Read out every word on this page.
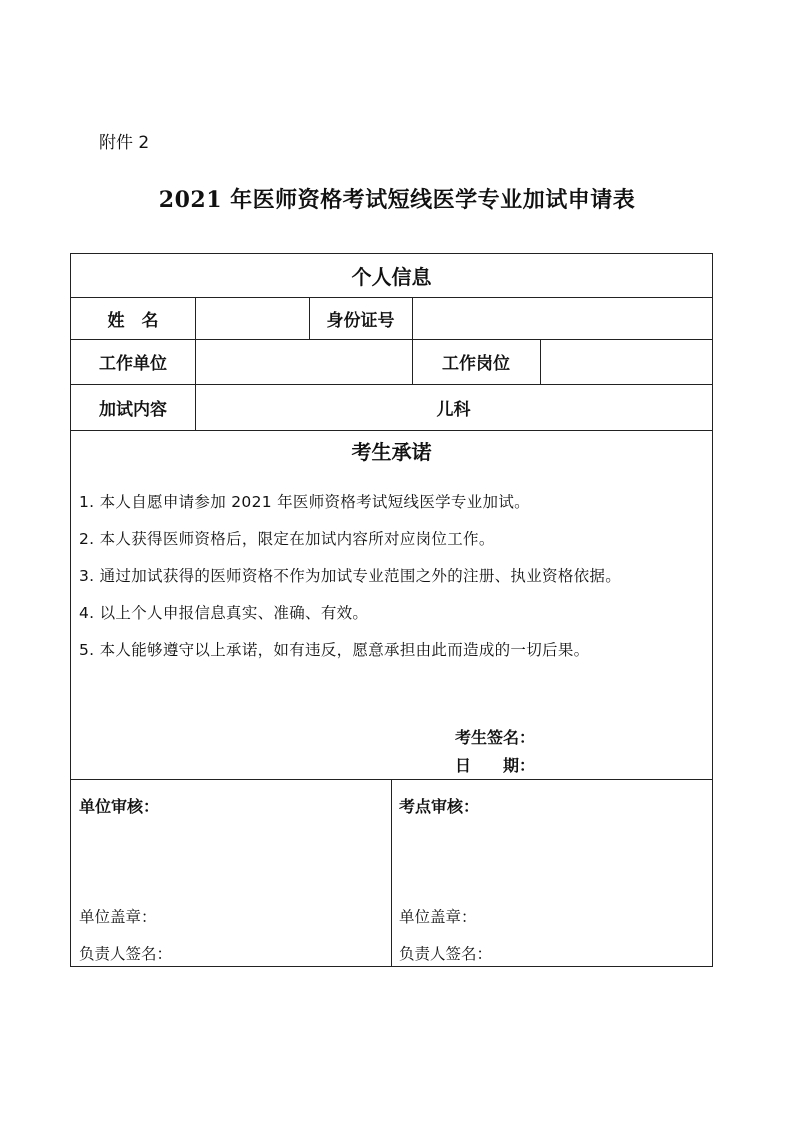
附件 2
2021 年医师资格考试短线医学专业加试申请表
个人信息
姓　名	身份证号
工作单位	工作岗位
加试内容	儿科
考生承诺
1. 本人自愿申请参加 2021 年医师资格考试短线医学专业加试。
2. 本人获得医师资格后，限定在加试内容所对应岗位工作。
3. 通过加试获得的医师资格不作为加试专业范围之外的注册、执业资格依据。
4. 以上个人申报信息真实、准确、有效。
5. 本人能够遵守以上承诺，如有违反，愿意承担由此而造成的一切后果。
考生签名：
日　　期：
单位审核：
单位盖章：
负责人签名：
考点审核：
单位盖章：
负责人签名：
